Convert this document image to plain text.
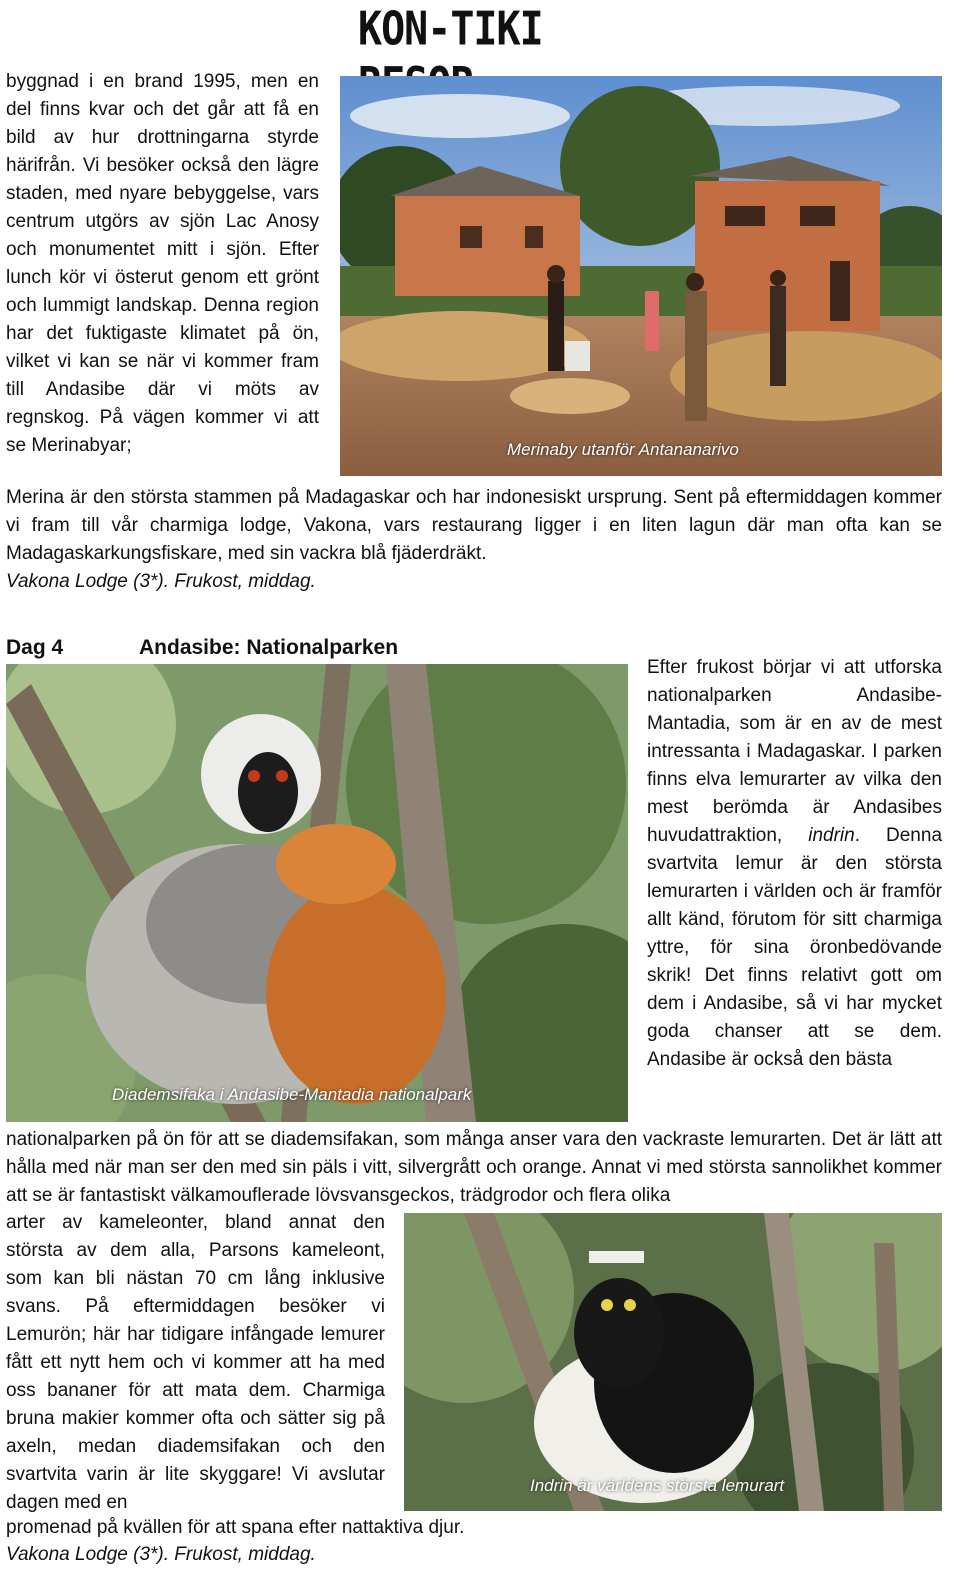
KON-TIKI

byggnad i en brand 1995, men en del finns kvar och det går att få en bild av hur drottningarna styrde härifrån. Vi besöker också den lägre staden, med nyare bebyggelse, vars centrum utgörs av sjön Lac Anosy och monumentet mitt i sjön. Efter lunch kör vi österut genom ett grönt och lummigt landskap. Denna region har det fuktigaste klimatet på ön, vilket vi kan se när vi kommer fram till Andasibe där vi möts av regnskog. På vägen kommer vi att se Merinabyar;	Merinaby utanför Antananarivo

Merina är den största stammen på Madagaskar och har indonesiskt ursprung. Sent på eftermiddagen kommer vi fram till vår charmiga lodge, Vakona, vars restaurang ligger i en liten lagun där man ofta kan se Madagaskarkungsfiskare, med sin vackra blå fjäderdräkt.

Vakona Lodge (3*). Frukost, middag.
Dag 4	Andasibe: Nationalparken
Diademsifaka i Andasibe-Mantadia nationalpark

Efter frukost börjar vi att utforska nationalparken Andasibe-Mantadia, som är en av de mest intressanta i Madagaskar. I parken finns elva lemurarter av vilka den mest berömda är Andasibes huvudattraktion, indrin. Denna svartvita lemur är den största lemurarten i världen och är framför allt känd, förutom för sitt charmiga yttre, för sina öronbedövande skrik! Det finns relativt gott om dem i Andasibe, så vi har mycket goda chanser att se dem. Andasibe är också den bästa

nationalparken på ön för att se diademsifakan, som många anser vara den vackraste lemurarten. Det är lätt att hålla med när man ser den med sin päls i vitt, silvergrått och orange. Annat vi med största sannolikhet kommer att se är fantastiskt välkamouflerade lövsvansgeckos, trädgrodor och flera olika

arter av kameleonter, bland annat den största av dem alla, Parsons kameleont, som kan bli nästan 70 cm lång inklusive svans. På eftermiddagen besöker vi Lemurön; här har tidigare infångade lemurer fått ett nytt hem och vi kommer att ha med oss bananer för att mata dem. Charmiga bruna makier kommer ofta och sätter sig på axeln, medan diademsifakan och den svartvita varin är lite skyggare! Vi avslutar dagen med en

Indrin är världens största lemurart
promenad på kvällen för att spana efter nattaktiva djur.
Vakona Lodge (3*). Frukost, middag.
